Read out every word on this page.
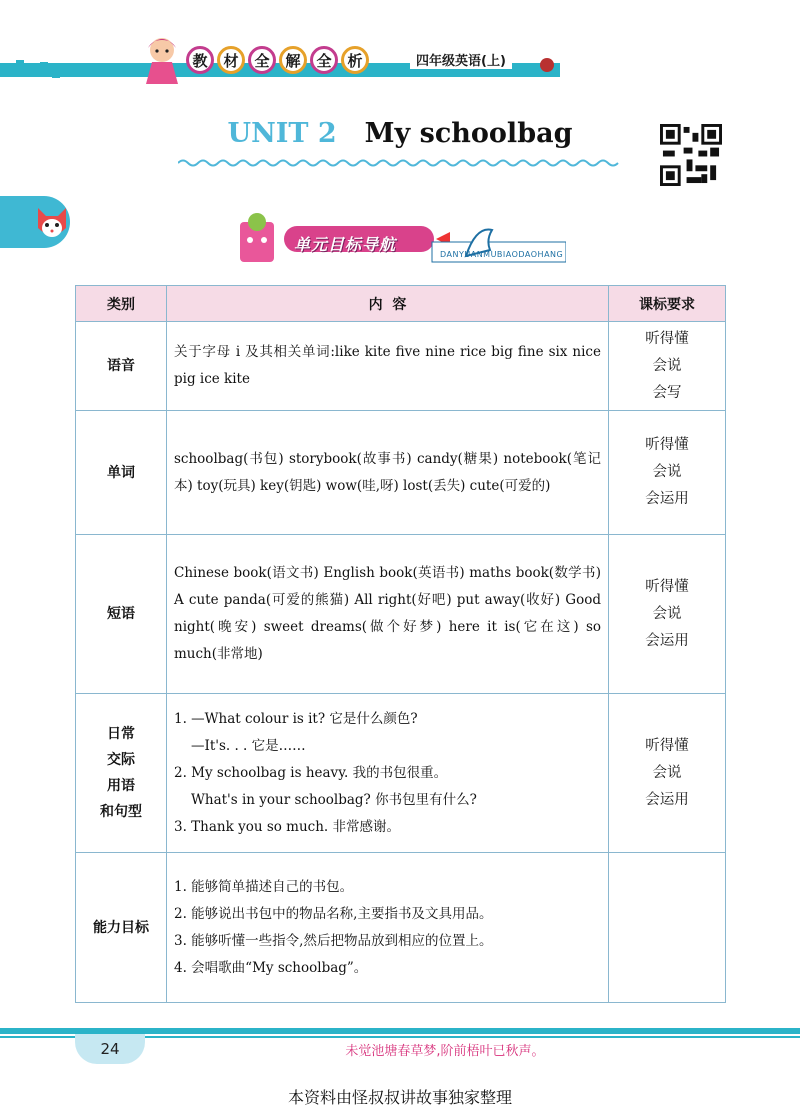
教	材	全	解	全	析	四年级英语(上)
UNIT 2 My schoolbag
单元目标导航
DANYUANMUBIAODAOHANG
类别	内  容	课标要求

语音	关于字母 i 及其相关单词:like kite five nine rice big fine six nice pig ice kite	听得懂
会说
会写

单词	schoolbag(书包) storybook(故事书) candy(糖果) notebook(笔记本) toy(玩具) key(钥匙) wow(哇,呀) lost(丢失) cute(可爱的)	听得懂
会说
会运用

短语	Chinese book(语文书) English book(英语书) maths book(数学书) A cute panda(可爱的熊猫) All right(好吧) put away(收好) Good night(晚安) sweet dreams(做个好梦) here it is(它在这) so much(非常地)	听得懂
会说
会运用

日常
交际
用语
和句型	1. —What colour is it? 它是什么颜色?
—It's. . . 它是……
2. My schoolbag is heavy. 我的书包很重。
What's in your schoolbag? 你书包里有什么?
3. Thank you so much. 非常感谢。	听得懂
会说
会运用

能力目标	1. 能够简单描述自己的书包。
2. 能够说出书包中的物品名称,主要指书及文具用品。
3. 能够听懂一些指令,然后把物品放到相应的位置上。
4. 会唱歌曲“My schoolbag”。	

24	未觉池塘春草梦,阶前梧叶已秋声。
本资料由怪叔叔讲故事独家整理
